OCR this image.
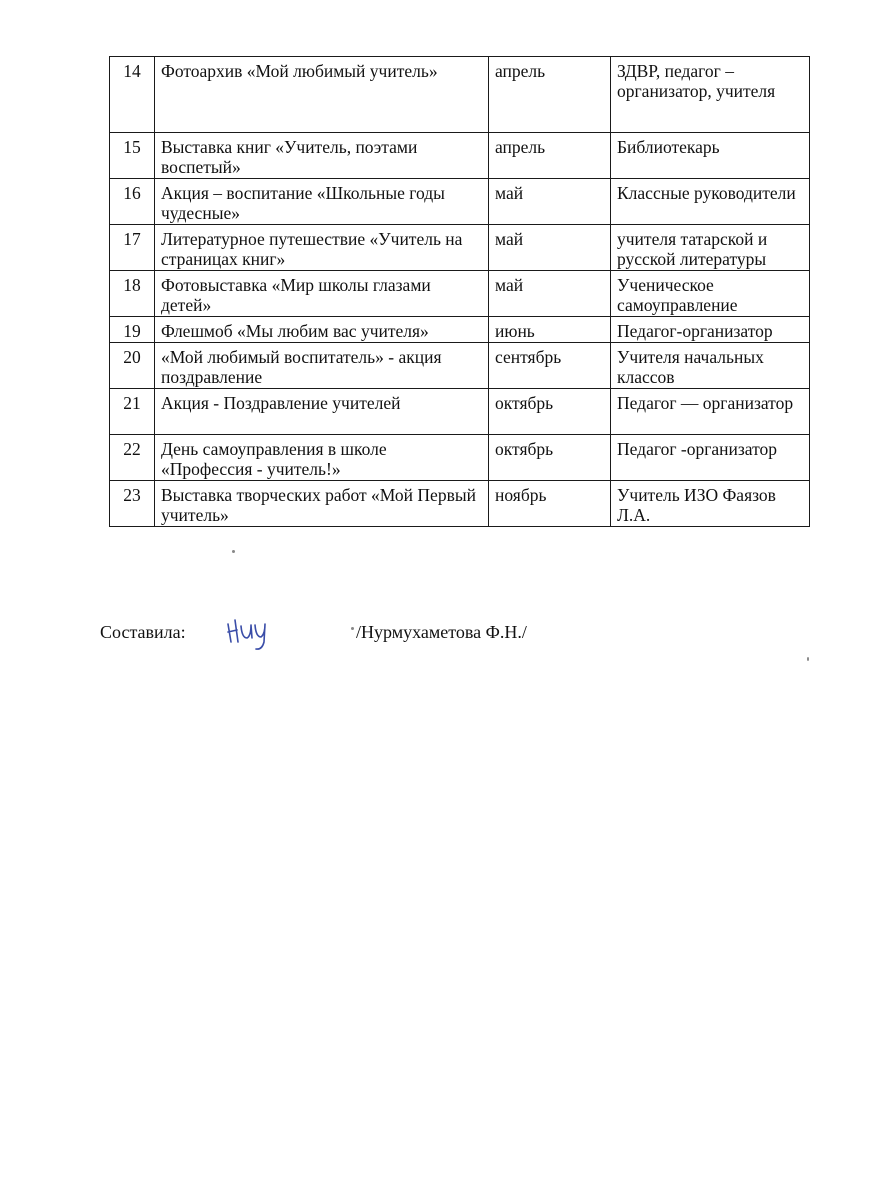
14	Фотоархив «Мой любимый учитель»	апрель	ЗДВР, педагог – организатор, учителя
15	Выставка книг «Учитель, поэтами воспетый»	апрель	Библиотекарь
16	Акция – воспитание «Школьные годы чудесные»	май	Классные руководители
17	Литературное путешествие «Учитель на страницах книг»	май	учителя татарской и русской литературы
18	Фотовыставка «Мир школы глазами детей»	май	Ученическое самоуправление
19	Флешмоб «Мы любим вас учителя»	июнь	Педагог-организатор
20	«Мой любимый воспитатель» - акция поздравление	сентябрь	Учителя начальных классов
21	Акция - Поздравление учителей	октябрь	Педагог — организатор
22	День самоуправления в школе «Профессия - учитель!»	октябрь	Педагог -организатор
23	Выставка творческих работ «Мой Первый учитель»	ноябрь	Учитель ИЗО Фаязов Л.А.
Составила:	/Нурмухаметова Ф.Н./
